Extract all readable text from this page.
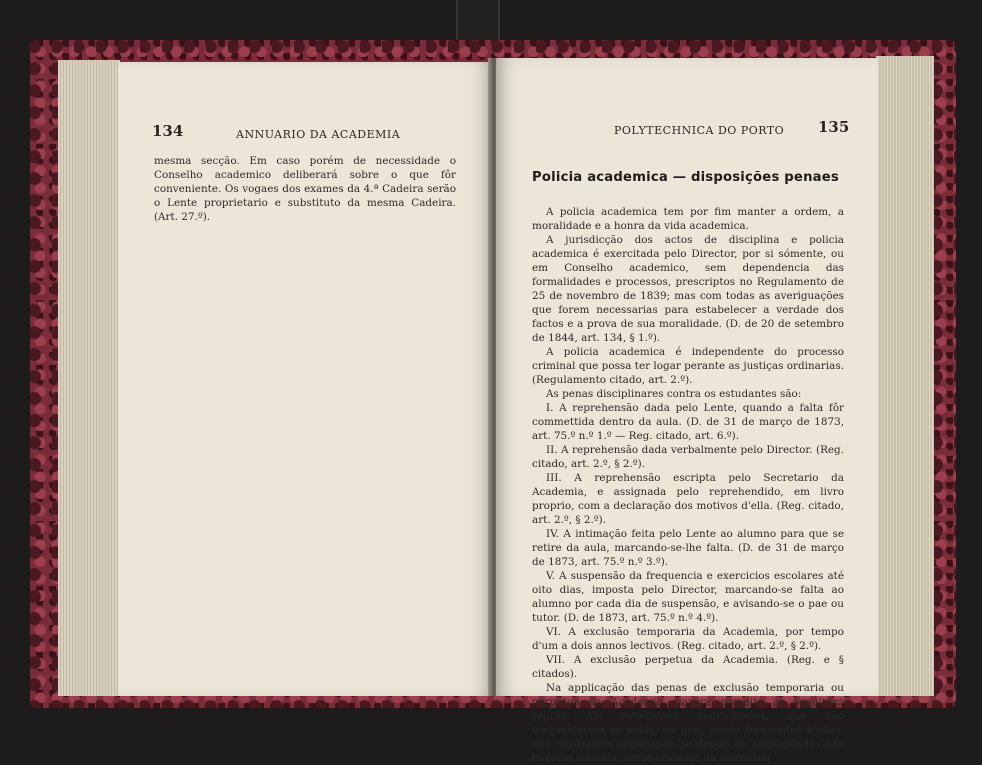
134	ANNUARIO DA ACADEMIA

mesma secção. Em caso porém de necessidade o Conselho academico deliberará sobre o que fôr conveniente. Os vogaes dos exames da 4.ª Cadeira serão o Lente proprietario e substituto da mesma Cadeira. (Art. 27.º).

POLYTECHNICA DO PORTO 135
Policia academica — disposições penaes

A policia academica tem por fim manter a ordem, a moralidade e a honra da vida academica.

A jurisdicção dos actos de disciplina e policia academica é exercitada pelo Director, por si sómente, ou em Conselho academico, sem dependencia das formalidades e processos, prescriptos no Regulamento de 25 de novembro de 1839; mas com todas as averiguações que forem necessarias para estabelecer a verdade dos factos e a prova de sua moralidade. (D. de 20 de setembro de 1844, art. 134, § 1.º).

A policia academica é independente do processo criminal que possa ter logar perante as justiças ordinarias. (Regulamento citado, art. 2.º).

As penas disciplinares contra os estudantes são:

I. A reprehensão dada pelo Lente, quando a falta fôr commettida dentro da aula. (D. de 31 de março de 1873, art. 75.º n.º 1.º — Reg. citado, art. 6.º).

II. A reprehensão dada verbalmente pelo Director. (Reg. citado, art. 2.º, § 2.º).

III. A reprehensão escripta pelo Secretario da Academia, e assignada pelo reprehendido, em livro proprio, com a declaração dos motivos d'ella. (Reg. citado, art. 2.º, § 2.º).

IV. A intimação feita pelo Lente ao alumno para que se retire da aula, marcando-se-lhe falta. (D. de 31 de março de 1873, art. 75.º n.º 3.º).

V. A suspensão da frequencia e exercicios escolares até oito dias, imposta pelo Director, marcando-se falta ao alumno por cada dia de suspensão, e avisando-se o pae ou tutor. (D. de 1873, art. 75.º n.º 4.º).

VI. A exclusão temporaria da Academia, por tempo d'um a dois annos lectivos. (Reg. citado, art. 2.º, § 2.º).

VII. A exclusão perpetua da Academia. (Reg. e § citados).

Na applicação das penas de exclusão temporaria ou perpetua da Academia, haverá respeito ás seguintes regras: Os estudantes matriculados, que não frequentarem as aulas, ou que, sendo frequentes n'ellas, não mostrarem applicação, se depois de admoestados não tiverem emenda, serão riscados da matricula
